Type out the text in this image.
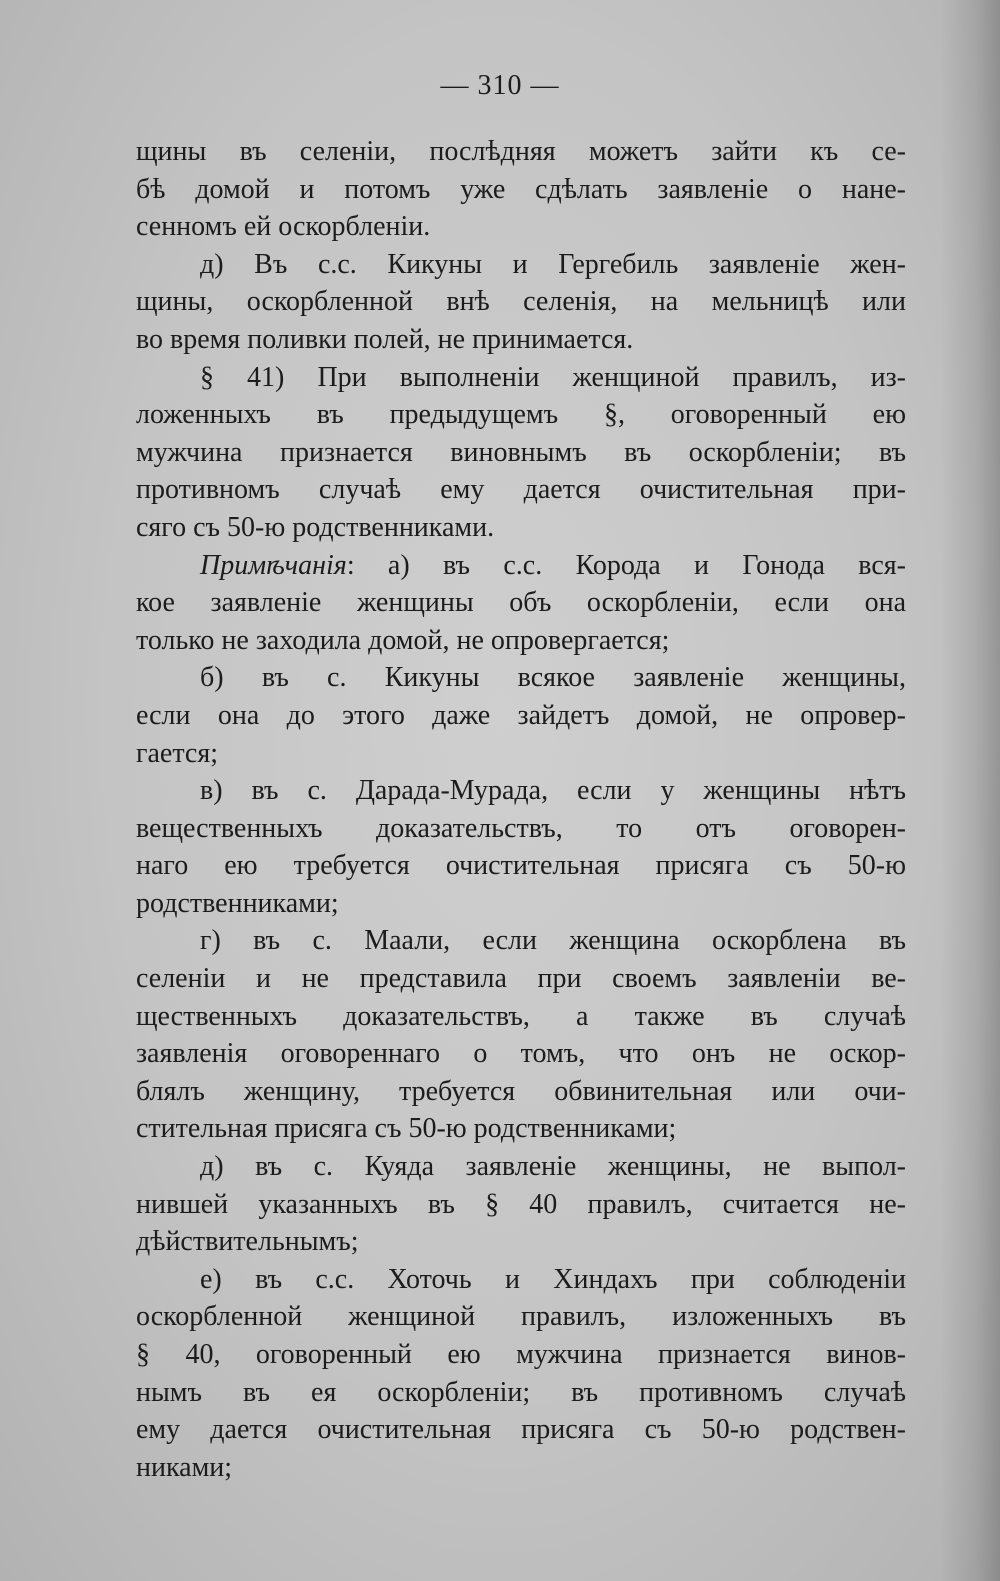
— 310 —
щины въ селеніи, послѣдняя можетъ зайти къ се-
бѣ домой и потомъ уже сдѣлать заявленіе о нане-
сенномъ ей оскорбленіи.
д) Въ с.с. Кикуны и Гергебиль заявленіе жен-
щины, оскорбленной внѣ селенія, на мельницѣ или
во время поливки полей, не принимается.
§ 41) При выполненіи женщиной правилъ, из-
ложенныхъ въ предыдущемъ §, оговоренный ею
мужчина признается виновнымъ въ оскорбленіи; въ
противномъ случаѣ ему дается очистительная при-
сяго съ 50-ю родственниками.
Примѣчанія: а) въ с.с. Корода и Гонода вся-
кое заявленіе женщины объ оскорбленіи, если она
только не заходила домой, не опровергается;
б) въ с. Кикуны всякое заявленіе женщины,
если она до этого даже зайдетъ домой, не опровер-
гается;
в) въ с. Дарада-Мурада, если у женщины нѣтъ
вещественныхъ доказательствъ, то отъ оговорен-
наго ею требуется очистительная присяга съ 50-ю
родственниками;
г) въ с. Маали, если женщина оскорблена въ
селеніи и не представила при своемъ заявленіи ве-
щественныхъ доказательствъ, а также въ случаѣ
заявленія оговореннаго о томъ, что онъ не оскор-
блялъ женщину, требуется обвинительная или очи-
стительная присяга съ 50-ю родственниками;
д) въ с. Куяда заявленіе женщины, не выпол-
нившей указанныхъ въ § 40 правилъ, считается не-
дѣйствительнымъ;
е) въ с.с. Хоточь и Хиндахъ при соблюденіи
оскорбленной женщиной правилъ, изложенныхъ въ
§ 40, оговоренный ею мужчина признается винов-
нымъ въ ея оскорбленіи; въ противномъ случаѣ
ему дается очистительная присяга съ 50-ю родствен-
никами;
